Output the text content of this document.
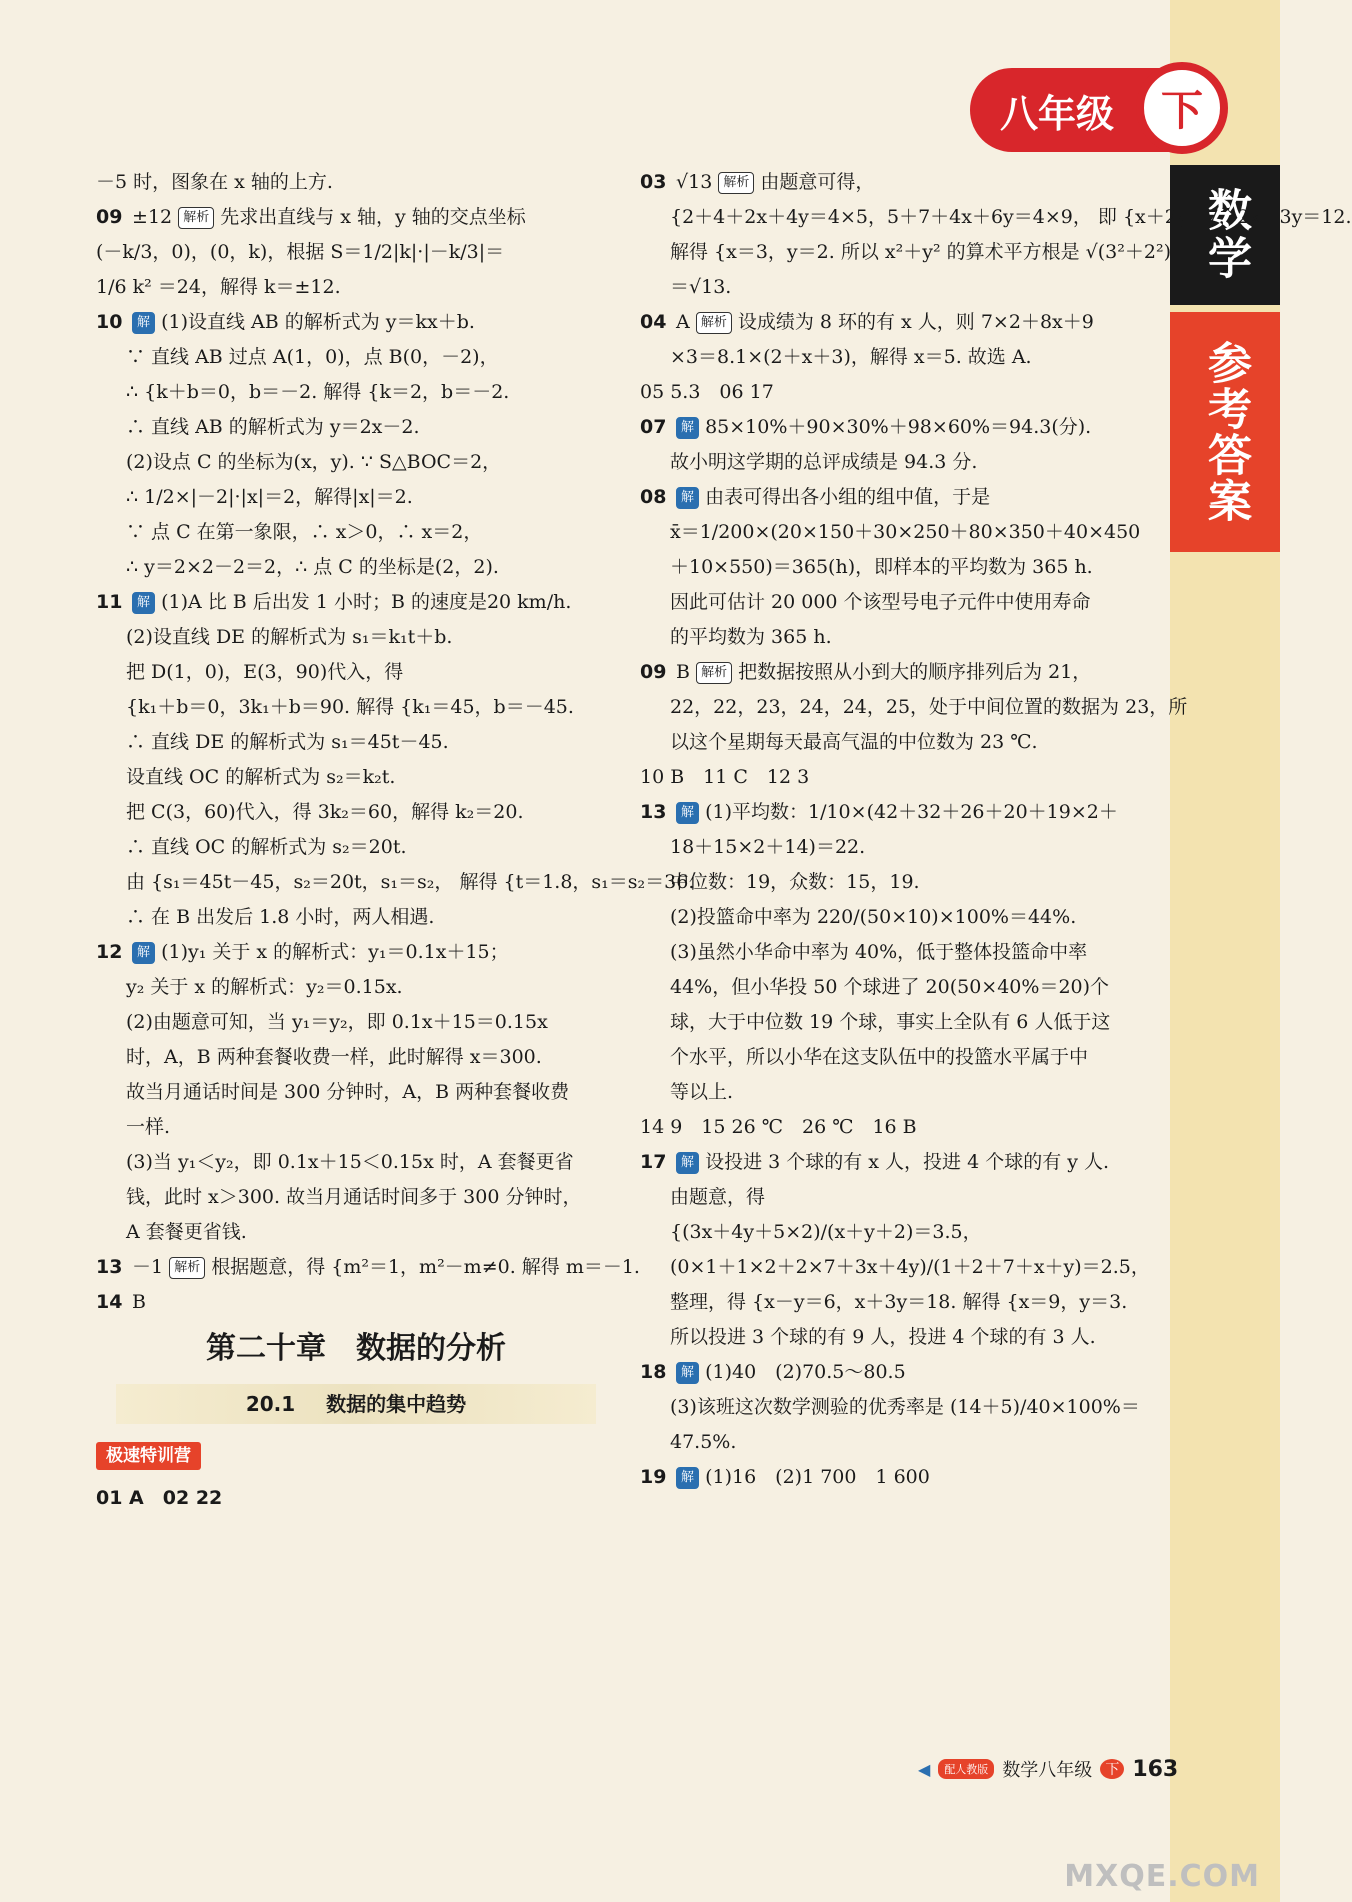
八年级 下
数学
参考答案
－5 时，图象在 x 轴的上方.
09 ±12 解析 先求出直线与 x 轴，y 轴的交点坐标
(－k/3，0)，(0，k)，根据 S＝1/2|k|·|－k/3|＝
1/6 k² ＝24，解得 k＝±12.
10 解 (1)设直线 AB 的解析式为 y＝kx＋b.
∵ 直线 AB 过点 A(1，0)，点 B(0，－2)，
∴ {k＋b＝0，b＝－2. 解得 {k＝2，b＝－2.
∴ 直线 AB 的解析式为 y＝2x－2.
(2)设点 C 的坐标为(x，y). ∵ S△BOC＝2，
∴ 1/2×|－2|·|x|＝2，解得|x|＝2.
∵ 点 C 在第一象限，∴ x＞0，∴ x＝2，
∴ y＝2×2－2＝2，∴ 点 C 的坐标是(2，2).
11 解 (1)A 比 B 后出发 1 小时；B 的速度是20 km/h.
(2)设直线 DE 的解析式为 s₁＝k₁t＋b.
把 D(1，0)，E(3，90)代入，得
{k₁＋b＝0，3k₁＋b＝90. 解得 {k₁＝45，b＝－45.
∴ 直线 DE 的解析式为 s₁＝45t－45.
设直线 OC 的解析式为 s₂＝k₂t.
把 C(3，60)代入，得 3k₂＝60，解得 k₂＝20.
∴ 直线 OC 的解析式为 s₂＝20t.
由 {s₁＝45t－45，s₂＝20t，s₁＝s₂， 解得 {t＝1.8，s₁＝s₂＝36.
∴ 在 B 出发后 1.8 小时，两人相遇.
12 解 (1)y₁ 关于 x 的解析式：y₁＝0.1x＋15；
y₂ 关于 x 的解析式：y₂＝0.15x.
(2)由题意可知，当 y₁＝y₂，即 0.1x＋15＝0.15x
时，A，B 两种套餐收费一样，此时解得 x＝300.
故当月通话时间是 300 分钟时，A，B 两种套餐收费
一样.
(3)当 y₁＜y₂，即 0.1x＋15＜0.15x 时，A 套餐更省
钱，此时 x＞300. 故当月通话时间多于 300 分钟时，
A 套餐更省钱.
13 －1 解析 根据题意，得 {m²＝1，m²－m≠0. 解得 m＝－1.
14 B
第二十章　数据的分析
20.1 数据的集中趋势
极速特训营
01 A　02 22
03 √13 解析 由题意可得，
{2＋4＋2x＋4y＝4×5，5＋7＋4x＋6y＝4×9， 即 {x＋2y＝7，2x＋3y＝12.
解得 {x＝3，y＝2. 所以 x²＋y² 的算术平方根是 √(3²＋2²)
＝√13.
04 A 解析 设成绩为 8 环的有 x 人，则 7×2＋8x＋9
×3＝8.1×(2＋x＋3)，解得 x＝5. 故选 A.
05 5.3　06 17
07 解 85×10%＋90×30%＋98×60%＝94.3(分).
故小明这学期的总评成绩是 94.3 分.
08 解 由表可得出各小组的组中值，于是
x̄＝1/200×(20×150＋30×250＋80×350＋40×450
＋10×550)＝365(h)，即样本的平均数为 365 h.
因此可估计 20 000 个该型号电子元件中使用寿命
的平均数为 365 h.
09 B 解析 把数据按照从小到大的顺序排列后为 21，
22，22，23，24，24，25，处于中间位置的数据为 23，所
以这个星期每天最高气温的中位数为 23 ℃.
10 B　11 C　12 3
13 解 (1)平均数：1/10×(42＋32＋26＋20＋19×2＋
18＋15×2＋14)＝22.
中位数：19，众数：15，19.
(2)投篮命中率为 220/(50×10)×100%＝44%.
(3)虽然小华命中率为 40%，低于整体投篮命中率
44%，但小华投 50 个球进了 20(50×40%＝20)个
球，大于中位数 19 个球，事实上全队有 6 人低于这
个水平，所以小华在这支队伍中的投篮水平属于中
等以上.
14 9　15 26 ℃　26 ℃　16 B
17 解 设投进 3 个球的有 x 人，投进 4 个球的有 y 人.
由题意，得
{(3x＋4y＋5×2)/(x＋y＋2)＝3.5，
(0×1＋1×2＋2×7＋3x＋4y)/(1＋2＋7＋x＋y)＝2.5，
整理，得 {x－y＝6，x＋3y＝18. 解得 {x＝9，y＝3.
所以投进 3 个球的有 9 人，投进 4 个球的有 3 人.
18 解 (1)40　(2)70.5～80.5
(3)该班这次数学测验的优秀率是 (14＋5)/40×100%＝
47.5%.
19 解 (1)16　(2)1 700　1 600
◀	配人教版 数学八年级 下 163
MXQE.COM
